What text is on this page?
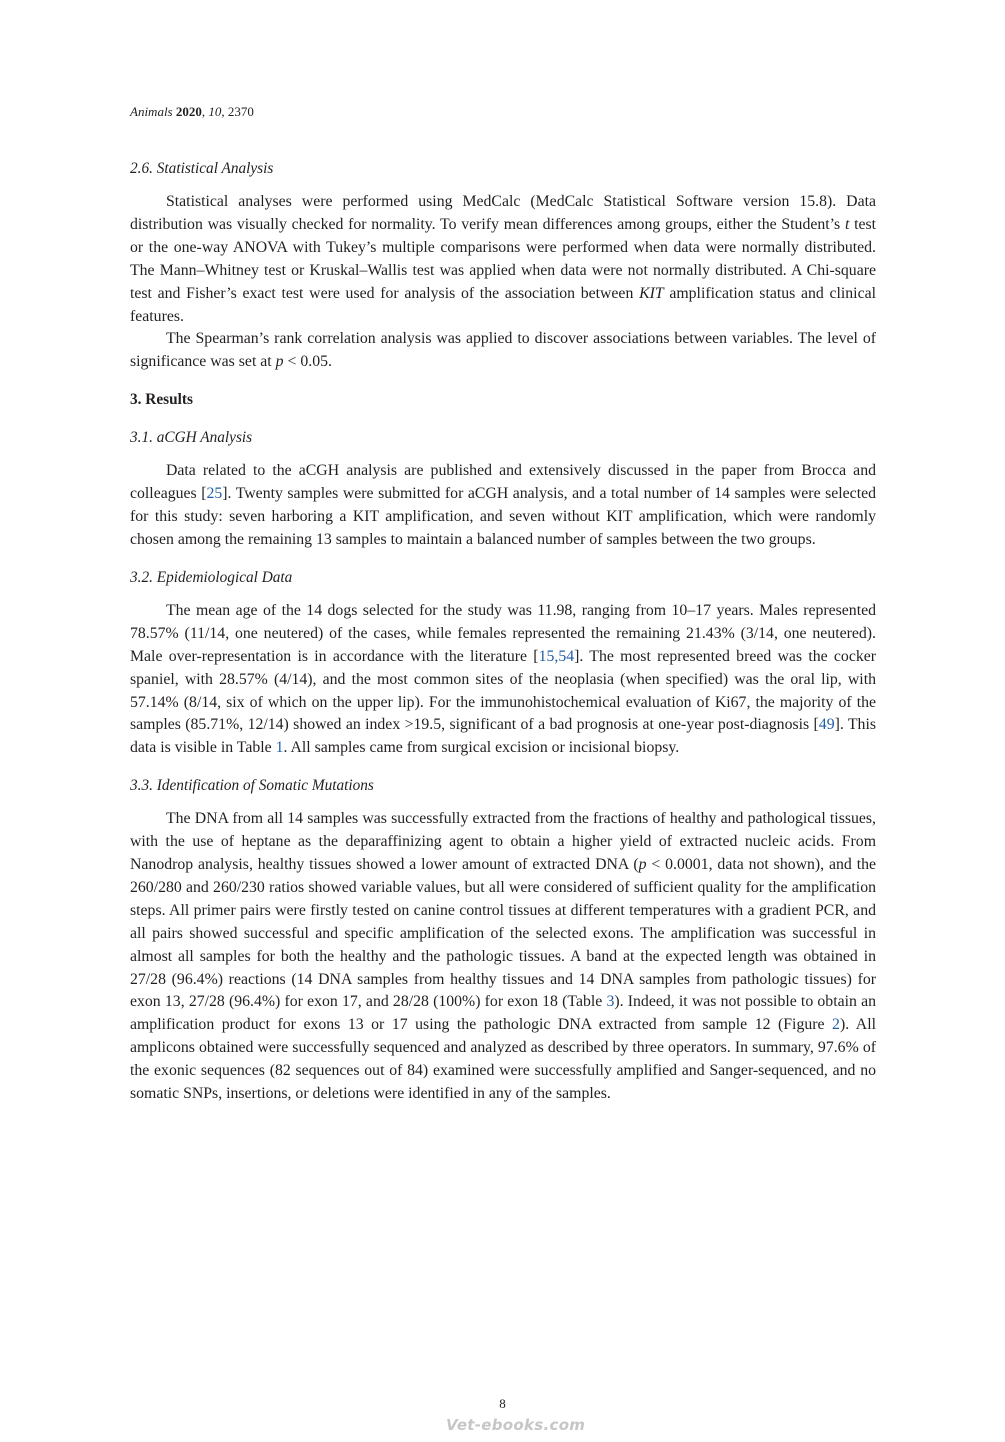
Animals 2020, 10, 2370
2.6. Statistical Analysis

Statistical analyses were performed using MedCalc (MedCalc Statistical Software version 15.8). Data distribution was visually checked for normality. To verify mean differences among groups, either the Student’s t test or the one-way ANOVA with Tukey’s multiple comparisons were performed when data were normally distributed. The Mann–Whitney test or Kruskal–Wallis test was applied when data were not normally distributed. A Chi-square test and Fisher’s exact test were used for analysis of the association between KIT amplification status and clinical features.

The Spearman’s rank correlation analysis was applied to discover associations between variables. The level of significance was set at p < 0.05.

3. Results
3.1. aCGH Analysis

Data related to the aCGH analysis are published and extensively discussed in the paper from Brocca and colleagues [25]. Twenty samples were submitted for aCGH analysis, and a total number of 14 samples were selected for this study: seven harboring a KIT amplification, and seven without KIT amplification, which were randomly chosen among the remaining 13 samples to maintain a balanced number of samples between the two groups.

3.2. Epidemiological Data

The mean age of the 14 dogs selected for the study was 11.98, ranging from 10–17 years. Males represented 78.57% (11/14, one neutered) of the cases, while females represented the remaining 21.43% (3/14, one neutered). Male over-representation is in accordance with the literature [15,54]. The most represented breed was the cocker spaniel, with 28.57% (4/14), and the most common sites of the neoplasia (when specified) was the oral lip, with 57.14% (8/14, six of which on the upper lip). For the immunohistochemical evaluation of Ki67, the majority of the samples (85.71%, 12/14) showed an index >19.5, significant of a bad prognosis at one-year post-diagnosis [49]. This data is visible in Table 1. All samples came from surgical excision or incisional biopsy.

3.3. Identification of Somatic Mutations

The DNA from all 14 samples was successfully extracted from the fractions of healthy and pathological tissues, with the use of heptane as the deparaffinizing agent to obtain a higher yield of extracted nucleic acids. From Nanodrop analysis, healthy tissues showed a lower amount of extracted DNA (p < 0.0001, data not shown), and the 260/280 and 260/230 ratios showed variable values, but all were considered of sufficient quality for the amplification steps. All primer pairs were firstly tested on canine control tissues at different temperatures with a gradient PCR, and all pairs showed successful and specific amplification of the selected exons. The amplification was successful in almost all samples for both the healthy and the pathologic tissues. A band at the expected length was obtained in 27/28 (96.4%) reactions (14 DNA samples from healthy tissues and 14 DNA samples from pathologic tissues) for exon 13, 27/28 (96.4%) for exon 17, and 28/28 (100%) for exon 18 (Table 3). Indeed, it was not possible to obtain an amplification product for exons 13 or 17 using the pathologic DNA extracted from sample 12 (Figure 2). All amplicons obtained were successfully sequenced and analyzed as described by three operators. In summary, 97.6% of the exonic sequences (82 sequences out of 84) examined were successfully amplified and Sanger-sequenced, and no somatic SNPs, insertions, or deletions were identified in any of the samples.

8
Vet-ebooks.com
